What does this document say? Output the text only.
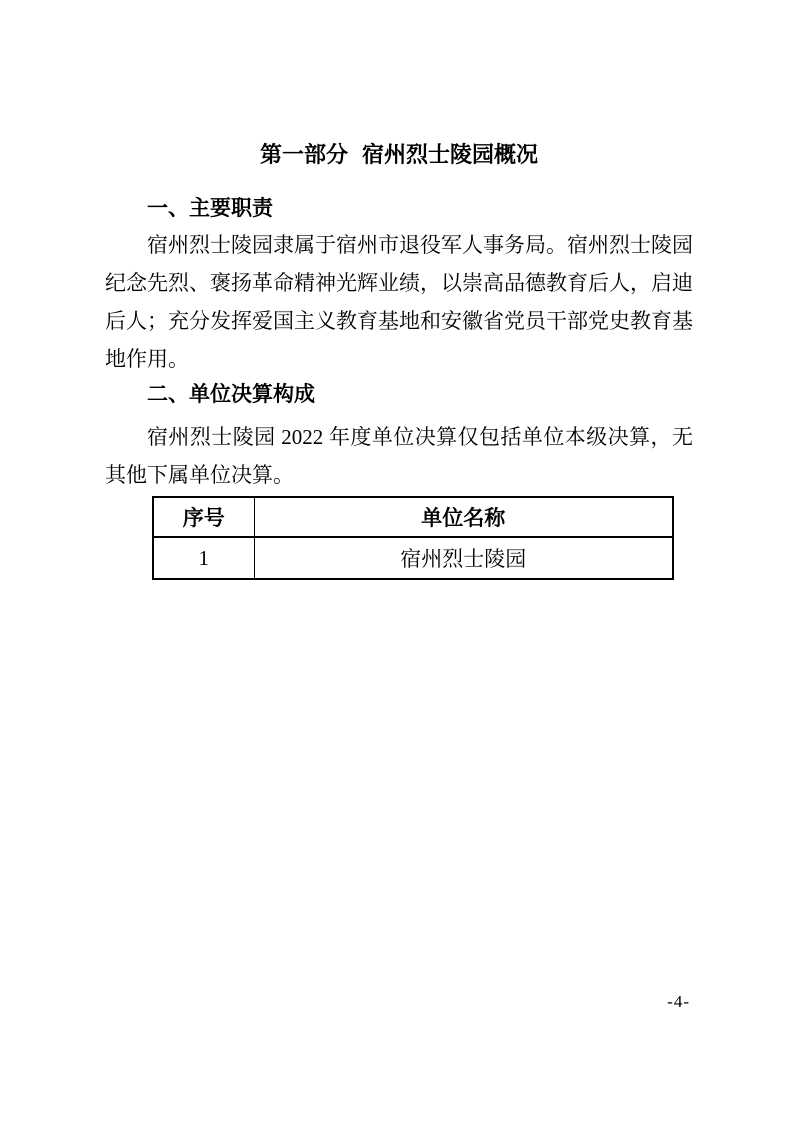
第一部分 宿州烈士陵园概况
一、主要职责

宿州烈士陵园隶属于宿州市退役军人事务局。宿州烈士陵园纪念先烈、褒扬革命精神光辉业绩，以崇高品德教育后人，启迪后人；充分发挥爱国主义教育基地和安徽省党员干部党史教育基地作用。

二、单位决算构成

宿州烈士陵园 2022 年度单位决算仅包括单位本级决算，无其他下属单位决算。

序号	单位名称
1	宿州烈士陵园
-4-
